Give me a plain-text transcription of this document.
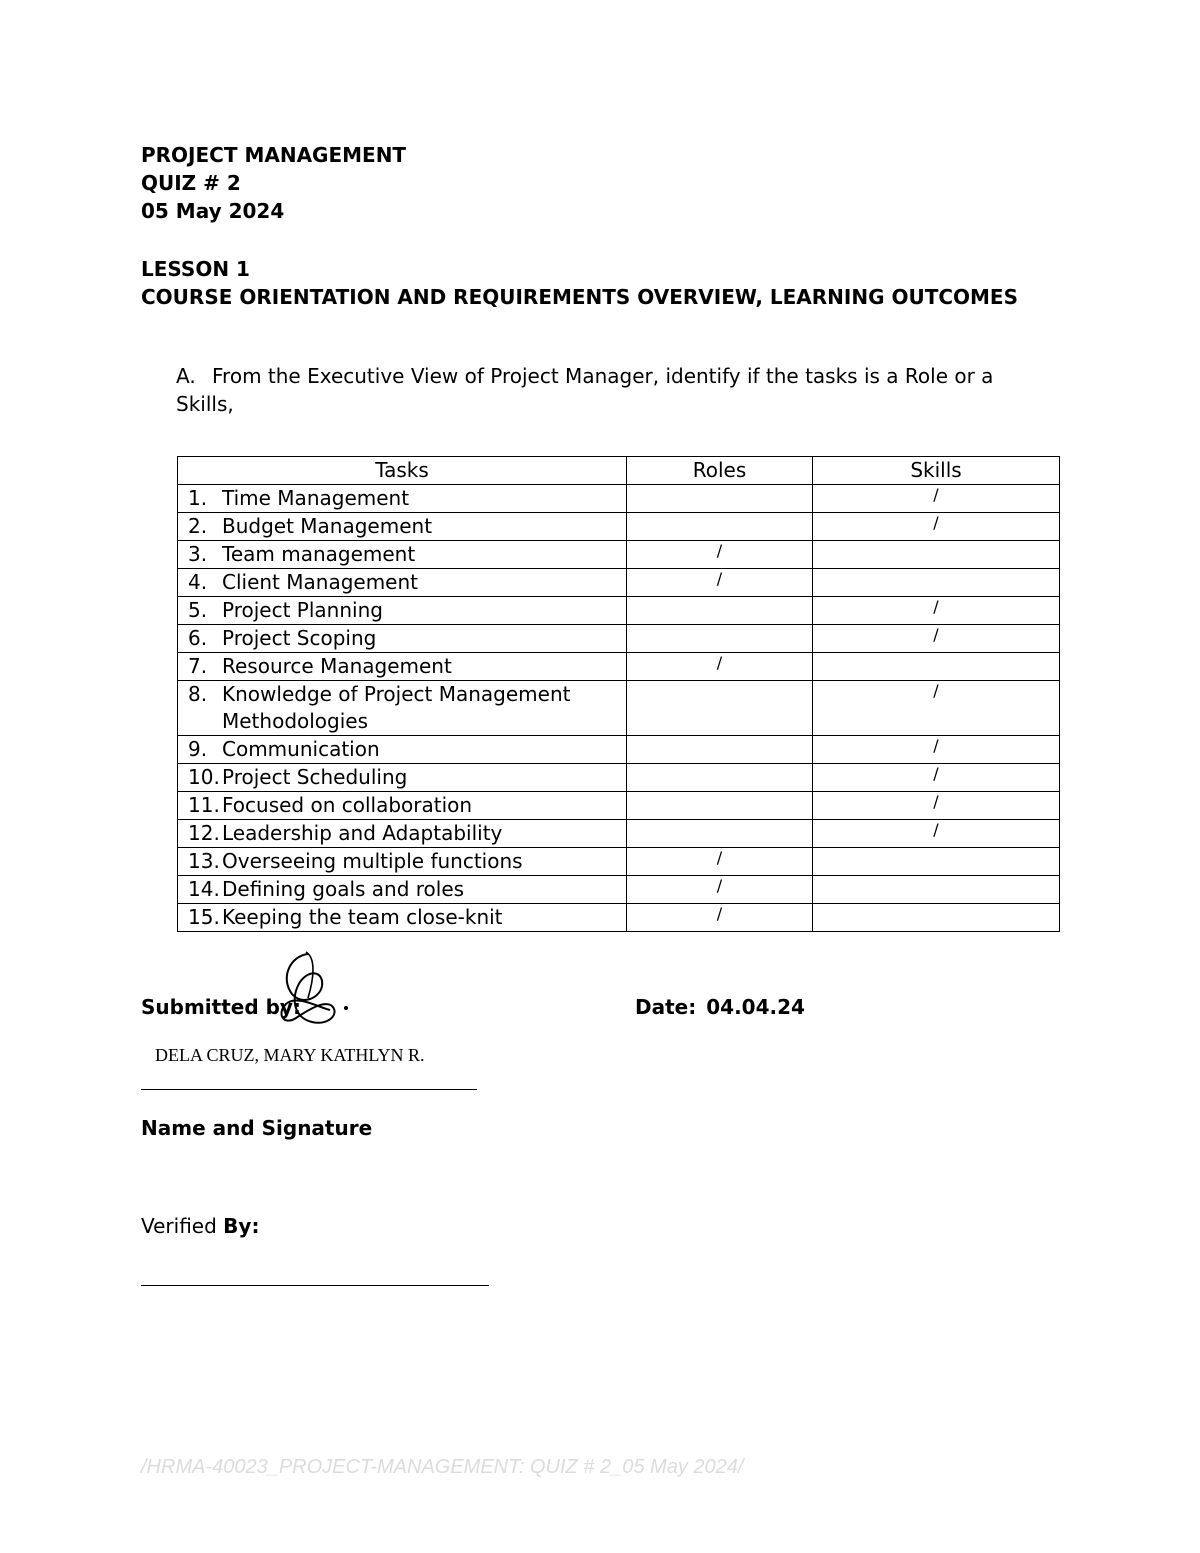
PROJECT MANAGEMENT
QUIZ # 2
05 May 2024
LESSON 1
COURSE ORIENTATION AND REQUIREMENTS OVERVIEW, LEARNING OUTCOMES
A. From the Executive View of Project Manager, identify if the tasks is a Role or a Skills,
Tasks	Roles	Skills

1. Time Management		/

2. Budget Management		/

3. Team management	/	

4. Client Management	/	

5. Project Planning		/

6. Project Scoping		/

7. Resource Management	/	

8. Knowledge of Project Management Methodologies		/

9. Communication		/

10. Project Scheduling		/

11. Focused on collaboration		/

12. Leadership and Adaptability		/

13. Overseeing multiple functions	/	

14. Defining goals and roles	/	

15. Keeping the team close-knit	/	
Submitted by:	Date: 04.04.24
DELA CRUZ, MARY KATHLYN R.
Name and Signature
Verified By:
/HRMA-40023_PROJECT-MANAGEMENT: QUIZ # 2_05 May 2024/
